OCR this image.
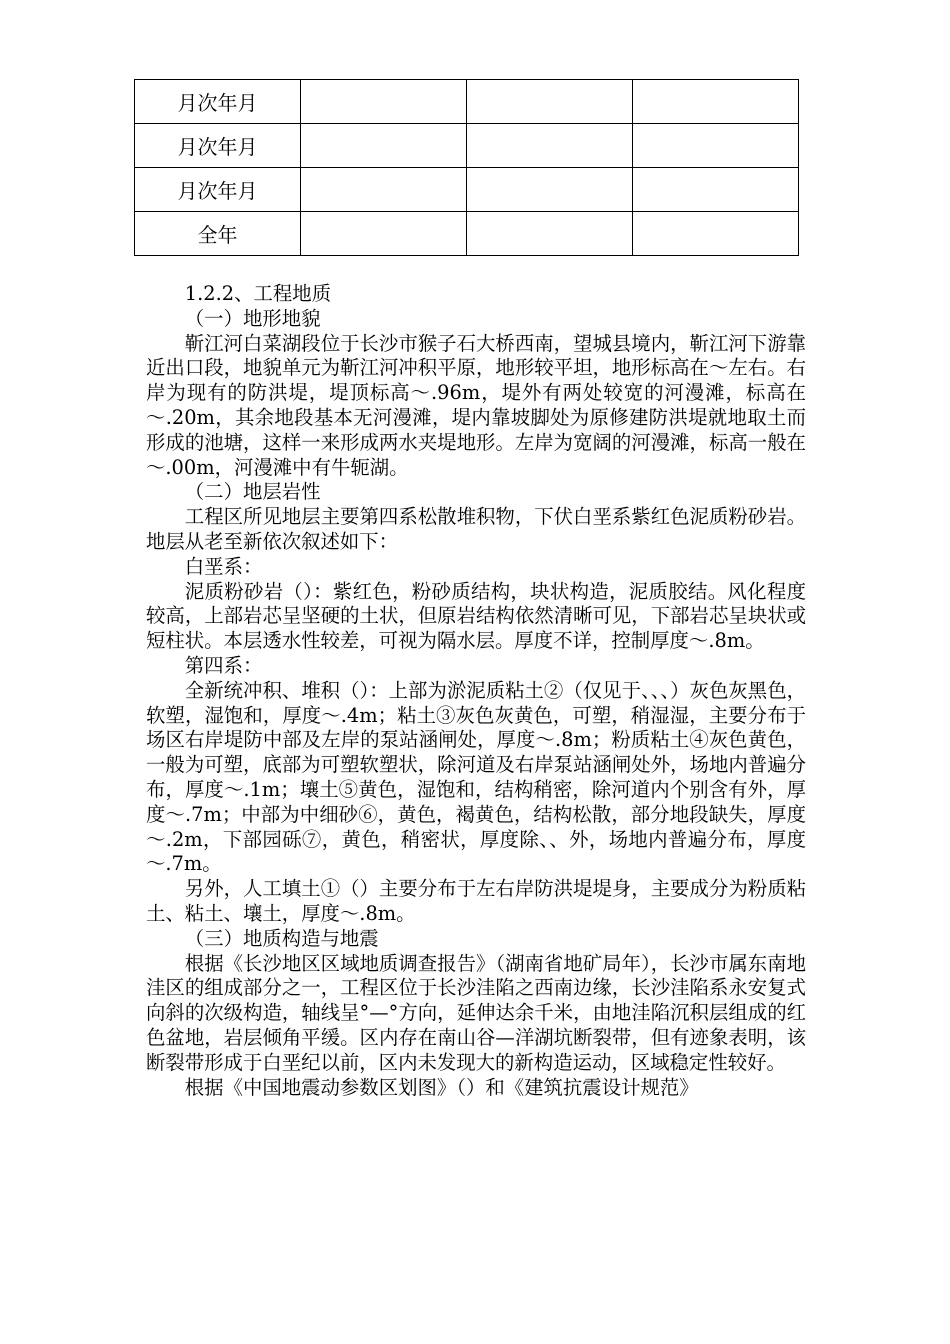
月次年月			
月次年月			
月次年月			
全年			

1.2.2、工程地质

（一）地形地貌

靳江河白菜湖段位于长沙市猴子石大桥西南，望城县境内，靳江河下游靠近出口段，地貌单元为靳江河冲积平原，地形较平坦，地形标高在～左右。右岸为现有的防洪堤，堤顶标高～.96m，堤外有两处较宽的河漫滩，标高在～.20m，其余地段基本无河漫滩，堤内靠坡脚处为原修建防洪堤就地取土而形成的池塘，这样一来形成两水夹堤地形。左岸为宽阔的河漫滩，标高一般在～.00m，河漫滩中有牛轭湖。

（二）地层岩性

工程区所见地层主要第四系松散堆积物，下伏白垩系紫红色泥质粉砂岩。地层从老至新依次叙述如下：

白垩系：

泥质粉砂岩（）：紫红色，粉砂质结构，块状构造，泥质胶结。风化程度较高，上部岩芯呈坚硬的土状，但原岩结构依然清晰可见，下部岩芯呈块状或短柱状。本层透水性较差，可视为隔水层。厚度不详，控制厚度～.8m。

第四系：

全新统冲积、堆积（）：上部为淤泥质粘土②（仅见于、、、）灰色灰黑色，软塑，湿饱和，厚度～.4m；粘土③灰色灰黄色，可塑，稍湿湿，主要分布于场区右岸堤防中部及左岸的泵站涵闸处，厚度～.8m；粉质粘土④灰色黄色，一般为可塑，底部为可塑软塑状，除河道及右岸泵站涵闸处外，场地内普遍分布，厚度～.1m；壤土⑤黄色，湿饱和，结构稍密，除河道内个别含有外，厚度～.7m；中部为中细砂⑥，黄色，褐黄色，结构松散，部分地段缺失，厚度～.2m，下部园砾⑦，黄色，稍密状，厚度除、、外，场地内普遍分布，厚度～.7m。

另外，人工填土①（）主要分布于左右岸防洪堤堤身，主要成分为粉质粘土、粘土、壤土，厚度～.8m。

（三）地质构造与地震

根据《长沙地区区域地质调查报告》（湖南省地矿局年），长沙市属东南地洼区的组成部分之一，工程区位于长沙洼陷之西南边缘，长沙洼陷系永安复式向斜的次级构造，轴线呈°—°方向，延伸达余千米，由地洼陷沉积层组成的红色盆地，岩层倾角平缓。区内存在南山谷—洋湖坑断裂带，但有迹象表明，该断裂带形成于白垩纪以前，区内未发现大的新构造运动，区域稳定性较好。

根据《中国地震动参数区划图》（）和《建筑抗震设计规范》
